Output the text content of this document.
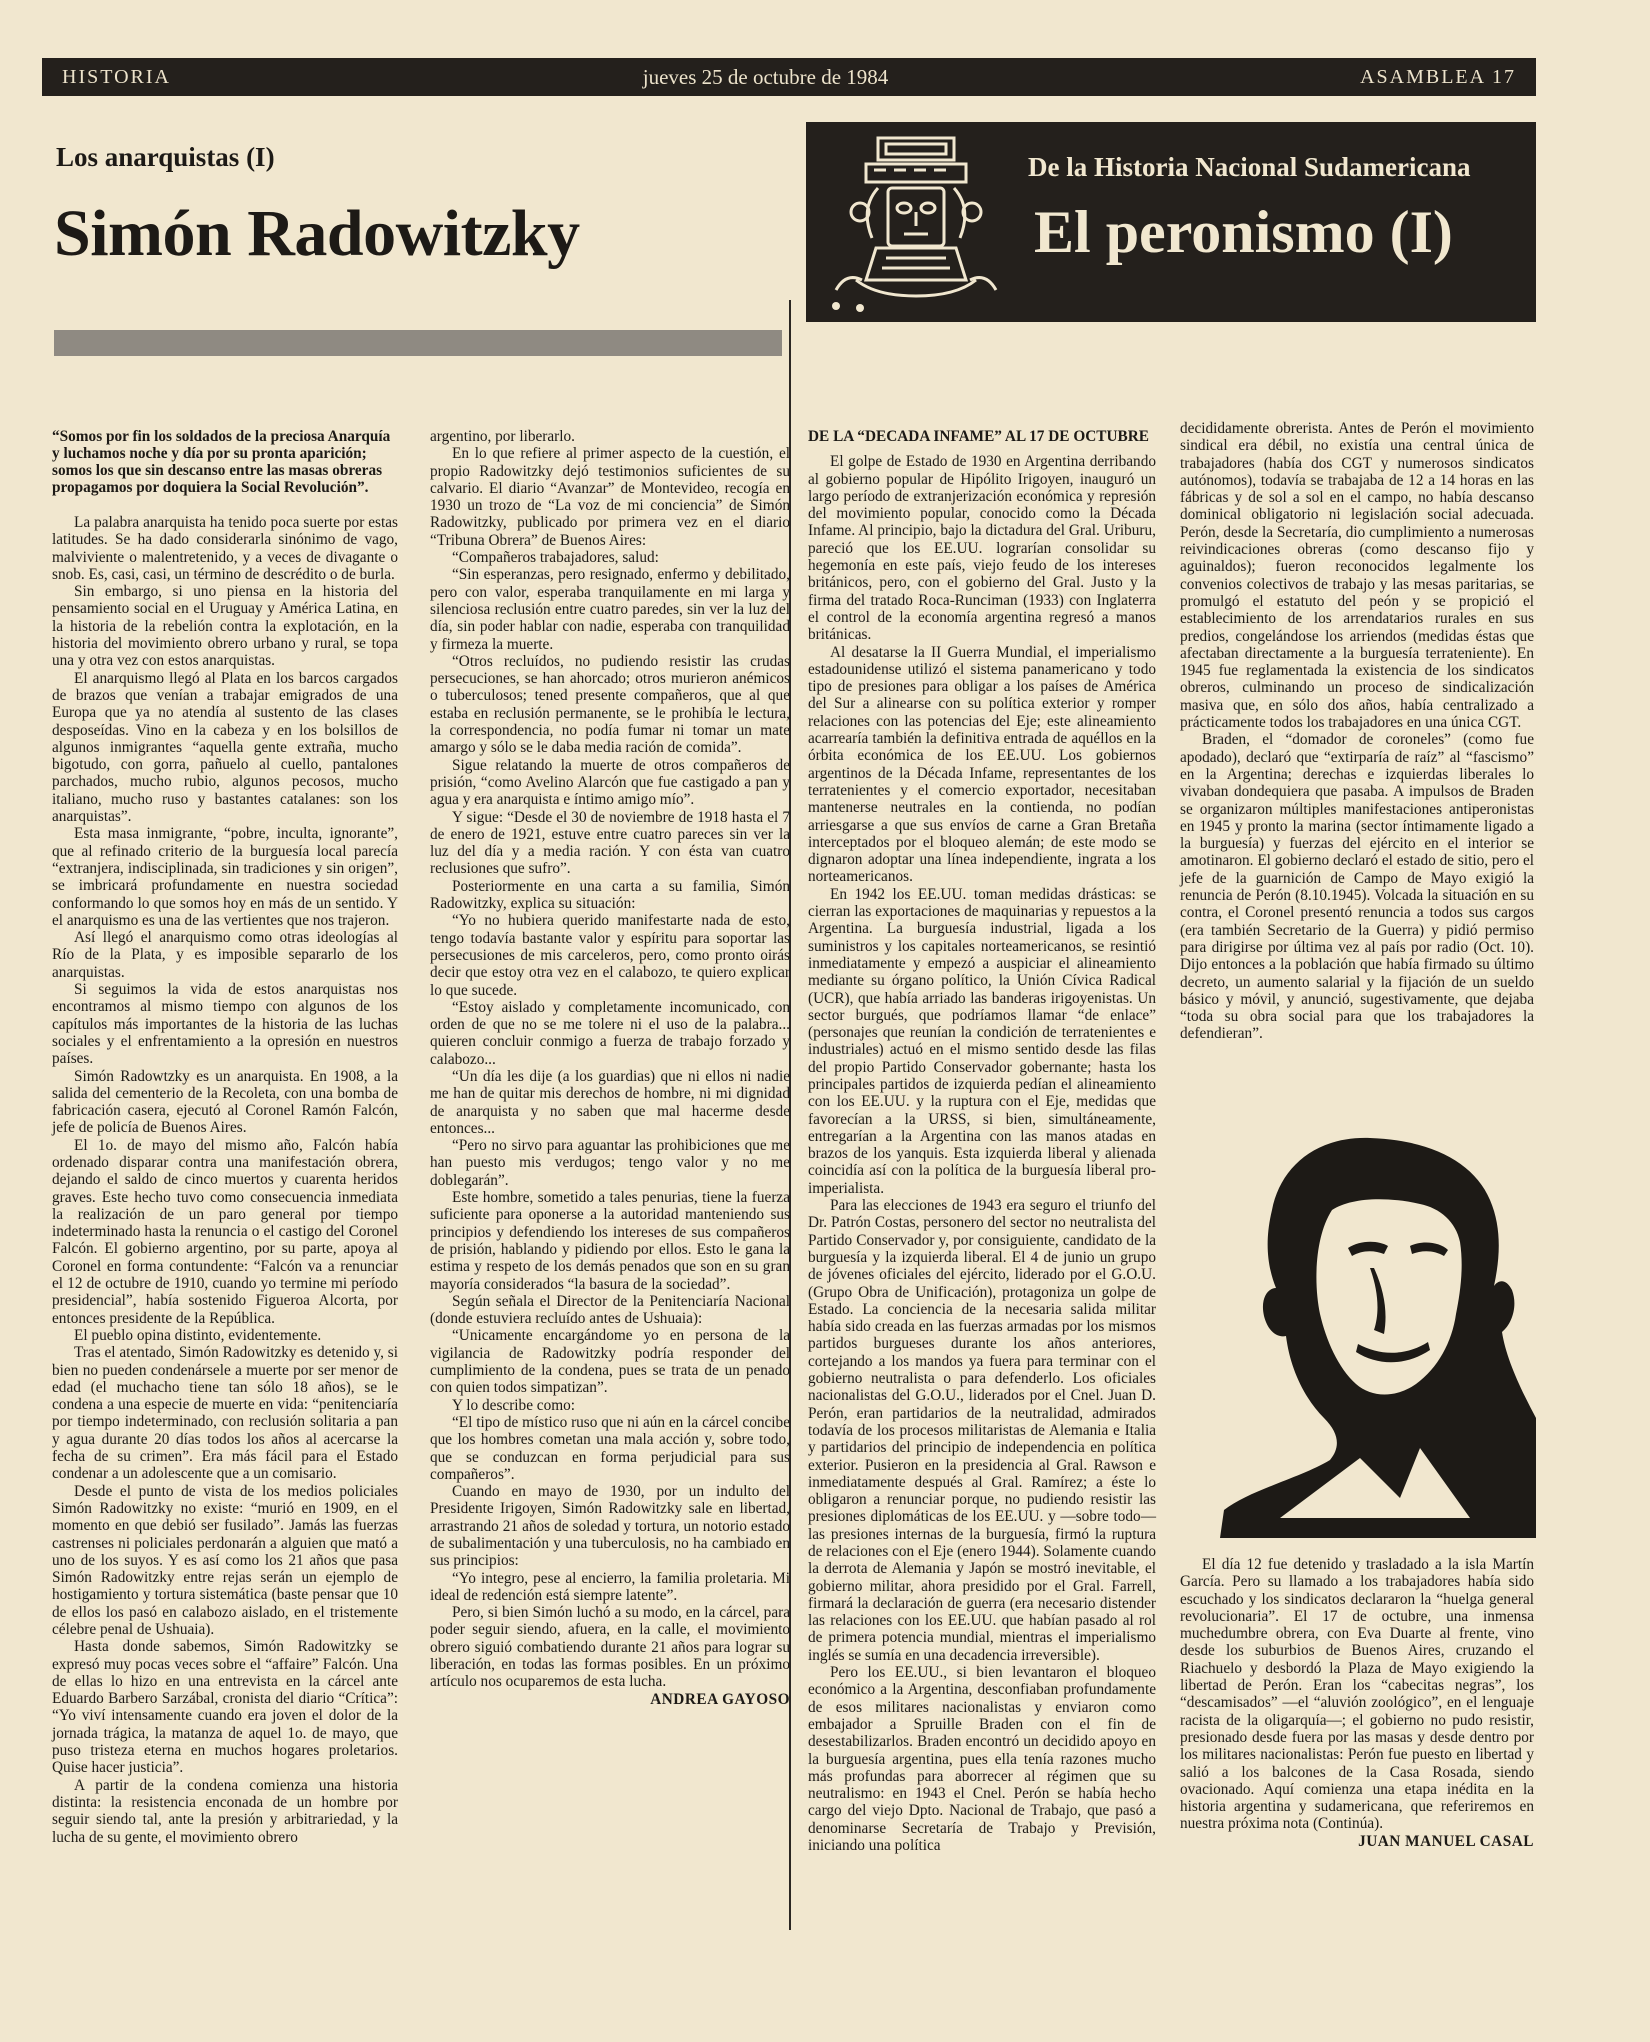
HISTORIA	jueves 25 de octubre de 1984	ASAMBLEA 17
Los anarquistas (I)
Simón Radowitzky
De la Historia Nacional Sudamericana
El peronismo (I)

“Somos por fin los soldados de la preciosa Anarquía y luchamos noche y día por su pronta aparición; somos los que sin descanso entre las masas obreras propagamos por doquiera la Social Revolución”.

La palabra anarquista ha tenido poca suerte por estas latitudes. Se ha dado considerarla sinónimo de vago, malviviente o malentretenido, y a veces de divagante o snob. Es, casi, casi, un término de descrédito o de burla.

Sin embargo, si uno piensa en la historia del pensamiento social en el Uruguay y América Latina, en la historia de la rebelión contra la explotación, en la historia del movimiento obrero urbano y rural, se topa una y otra vez con estos anarquistas.

El anarquismo llegó al Plata en los barcos cargados de brazos que venían a trabajar emigrados de una Europa que ya no atendía al sustento de las clases desposeídas. Vino en la cabeza y en los bolsillos de algunos inmigrantes “aquella gente extraña, mucho bigotudo, con gorra, pañuelo al cuello, pantalones parchados, mucho rubio, algunos pecosos, mucho italiano, mucho ruso y bastantes catalanes: son los anarquistas”.

Esta masa inmigrante, “pobre, inculta, ignorante”, que al refinado criterio de la burguesía local parecía “extranjera, indisciplinada, sin tradiciones y sin origen”, se imbricará profundamente en nuestra sociedad conformando lo que somos hoy en más de un sentido. Y el anarquismo es una de las vertientes que nos trajeron.

Así llegó el anarquismo como otras ideologías al Río de la Plata, y es imposible separarlo de los anarquistas.

Si seguimos la vida de estos anarquistas nos encontramos al mismo tiempo con algunos de los capítulos más importantes de la historia de las luchas sociales y el enfrentamiento a la opresión en nuestros países.

Simón Radowtzky es un anarquista. En 1908, a la salida del cementerio de la Recoleta, con una bomba de fabricación casera, ejecutó al Coronel Ramón Falcón, jefe de policía de Buenos Aires.

El 1o. de mayo del mismo año, Falcón había ordenado disparar contra una manifestación obrera, dejando el saldo de cinco muertos y cuarenta heridos graves. Este hecho tuvo como consecuencia inmediata la realización de un paro general por tiempo indeterminado hasta la renuncia o el castigo del Coronel Falcón. El gobierno argentino, por su parte, apoya al Coronel en forma contundente: “Falcón va a renunciar el 12 de octubre de 1910, cuando yo termine mi período presidencial”, había sostenido Figueroa Alcorta, por entonces presidente de la República.

El pueblo opina distinto, evidentemente.

Tras el atentado, Simón Radowitzky es detenido y, si bien no pueden condenársele a muerte por ser menor de edad (el muchacho tiene tan sólo 18 años), se le condena a una especie de muerte en vida: “penitenciaría por tiempo indeterminado, con reclusión solitaria a pan y agua durante 20 días todos los años al acercarse la fecha de su crimen”. Era más fácil para el Estado condenar a un adolescente que a un comisario.

Desde el punto de vista de los medios policiales Simón Radowitzky no existe: “murió en 1909, en el momento en que debió ser fusilado”. Jamás las fuerzas castrenses ni policiales perdonarán a alguien que mató a uno de los suyos. Y es así como los 21 años que pasa Simón Radowitzky entre rejas serán un ejemplo de hostigamiento y tortura sistemática (baste pensar que 10 de ellos los pasó en calabozo aislado, en el tristemente célebre penal de Ushuaia).

Hasta donde sabemos, Simón Radowitzky se expresó muy pocas veces sobre el “affaire” Falcón. Una de ellas lo hizo en una entrevista en la cárcel ante Eduardo Barbero Sarzábal, cronista del diario “Crítica”: “Yo viví intensamente cuando era joven el dolor de la jornada trágica, la matanza de aquel 1o. de mayo, que puso tristeza eterna en muchos hogares proletarios. Quise hacer justicia”.

A partir de la condena comienza una historia distinta: la resistencia enconada de un hombre por seguir siendo tal, ante la presión y arbitrariedad, y la lucha de su gente, el movimiento obrero

argentino, por liberarlo.

En lo que refiere al primer aspecto de la cuestión, el propio Radowitzky dejó testimonios suficientes de su calvario. El diario “Avanzar” de Montevideo, recogía en 1930 un trozo de “La voz de mi conciencia” de Simón Radowitzky, publicado por primera vez en el diario “Tribuna Obrera” de Buenos Aires:

“Compañeros trabajadores, salud:

“Sin esperanzas, pero resignado, enfermo y debilitado, pero con valor, esperaba tranquilamente en mi larga y silenciosa reclusión entre cuatro paredes, sin ver la luz del día, sin poder hablar con nadie, esperaba con tranquilidad y firmeza la muerte.

“Otros recluídos, no pudiendo resistir las crudas persecuciones, se han ahorcado; otros murieron anémicos o tuberculosos; tened presente compañeros, que al que estaba en reclusión permanente, se le prohibía le lectura, la correspondencia, no podía fumar ni tomar un mate amargo y sólo se le daba media ración de comida”.

Sigue relatando la muerte de otros compañeros de prisión, “como Avelino Alarcón que fue castigado a pan y agua y era anarquista e íntimo amigo mío”.

Y sigue: “Desde el 30 de noviembre de 1918 hasta el 7 de enero de 1921, estuve entre cuatro pareces sin ver la luz del día y a media ración. Y con ésta van cuatro reclusiones que sufro”.

Posteriormente en una carta a su familia, Simón Radowitzky, explica su situación:

“Yo no hubiera querido manifestarte nada de esto, tengo todavía bastante valor y espíritu para soportar las persecusiones de mis carceleros, pero, como pronto oirás decir que estoy otra vez en el calabozo, te quiero explicar lo que sucede.

“Estoy aislado y completamente incomunicado, con orden de que no se me tolere ni el uso de la palabra... quieren concluir conmigo a fuerza de trabajo forzado y calabozo...

“Un día les dije (a los guardias) que ni ellos ni nadie me han de quitar mis derechos de hombre, ni mi dignidad de anarquista y no saben que mal hacerme desde entonces...

“Pero no sirvo para aguantar las prohibiciones que me han puesto mis verdugos; tengo valor y no me doblegarán”.

Este hombre, sometido a tales penurias, tiene la fuerza suficiente para oponerse a la autoridad manteniendo sus principios y defendiendo los intereses de sus compañeros de prisión, hablando y pidiendo por ellos. Esto le gana la estima y respeto de los demás penados que son en su gran mayoría considerados “la basura de la sociedad”.

Según señala el Director de la Penitenciaría Nacional (donde estuviera recluído antes de Ushuaia):

“Unicamente encargándome yo en persona de la vigilancia de Radowitzky podría responder del cumplimiento de la condena, pues se trata de un penado con quien todos simpatizan”.

Y lo describe como:

“El tipo de místico ruso que ni aún en la cárcel concibe que los hombres cometan una mala acción y, sobre todo, que se conduzcan en forma perjudicial para sus compañeros”.

Cuando en mayo de 1930, por un indulto del Presidente Irigoyen, Simón Radowitzky sale en libertad, arrastrando 21 años de soledad y tortura, un notorio estado de subalimentación y una tuberculosis, no ha cambiado en sus principios:

“Yo integro, pese al encierro, la familia proletaria. Mi ideal de redención está siempre latente”.

Pero, si bien Simón luchó a su modo, en la cárcel, para poder seguir siendo, afuera, en la calle, el movimiento obrero siguió combatiendo durante 21 años para lograr su liberación, en todas las formas posibles. En un próximo artículo nos ocuparemos de esta lucha.

ANDREA GAYOSO

DE LA “DECADA INFAME” AL 17 DE OCTUBRE

El golpe de Estado de 1930 en Argentina derribando al gobierno popular de Hipólito Irigoyen, inauguró un largo período de extranjerización económica y represión del movimiento popular, conocido como la Década Infame. Al principio, bajo la dictadura del Gral. Uriburu, pareció que los EE.UU. lograrían consolidar su hegemonía en este país, viejo feudo de los intereses británicos, pero, con el gobierno del Gral. Justo y la firma del tratado Roca-Runciman (1933) con Inglaterra el control de la economía argentina regresó a manos británicas.

Al desatarse la II Guerra Mundial, el imperialismo estadounidense utilizó el sistema panamericano y todo tipo de presiones para obligar a los países de América del Sur a alinearse con su política exterior y romper relaciones con las potencias del Eje; este alineamiento acarrearía también la definitiva entrada de aquéllos en la órbita económica de los EE.UU. Los gobiernos argentinos de la Década Infame, representantes de los terratenientes y el comercio exportador, necesitaban mantenerse neutrales en la contienda, no podían arriesgarse a que sus envíos de carne a Gran Bretaña interceptados por el bloqueo alemán; de este modo se dignaron adoptar una línea independiente, ingrata a los norteamericanos.

En 1942 los EE.UU. toman medidas drásticas: se cierran las exportaciones de maquinarias y repuestos a la Argentina. La burguesía industrial, ligada a los suministros y los capitales norteamericanos, se resintió inmediatamente y empezó a auspiciar el alineamiento mediante su órgano político, la Unión Cívica Radical (UCR), que había arriado las banderas irigoyenistas. Un sector burgués, que podríamos llamar “de enlace” (personajes que reunían la condición de terratenientes e industriales) actuó en el mismo sentido desde las filas del propio Partido Conservador gobernante; hasta los principales partidos de izquierda pedían el alineamiento con los EE.UU. y la ruptura con el Eje, medidas que favorecían a la URSS, si bien, simultáneamente, entregarían a la Argentina con las manos atadas en brazos de los yanquis. Esta izquierda liberal y alienada coincidía así con la política de la burguesía liberal pro-imperialista.

Para las elecciones de 1943 era seguro el triunfo del Dr. Patrón Costas, personero del sector no neutralista del Partido Conservador y, por consiguiente, candidato de la burguesía y la izquierda liberal. El 4 de junio un grupo de jóvenes oficiales del ejército, liderado por el G.O.U. (Grupo Obra de Unificación), protagoniza un golpe de Estado. La conciencia de la necesaria salida militar había sido creada en las fuerzas armadas por los mismos partidos burgueses durante los años anteriores, cortejando a los mandos ya fuera para terminar con el gobierno neutralista o para defenderlo. Los oficiales nacionalistas del G.O.U., liderados por el Cnel. Juan D. Perón, eran partidarios de la neutralidad, admirados todavía de los procesos militaristas de Alemania e Italia y partidarios del principio de independencia en política exterior. Pusieron en la presidencia al Gral. Rawson e inmediatamente después al Gral. Ramírez; a éste lo obligaron a renunciar porque, no pudiendo resistir las presiones diplomáticas de los EE.UU. y —sobre todo— las presiones internas de la burguesía, firmó la ruptura de relaciones con el Eje (enero 1944). Solamente cuando la derrota de Alemania y Japón se mostró inevitable, el gobierno militar, ahora presidido por el Gral. Farrell, firmará la declaración de guerra (era necesario distender las relaciones con los EE.UU. que habían pasado al rol de primera potencia mundial, mientras el imperialismo inglés se sumía en una decadencia irreversible).

Pero los EE.UU., si bien levantaron el bloqueo económico a la Argentina, desconfiaban profundamente de esos militares nacionalistas y enviaron como embajador a Spruille Braden con el fin de desestabilizarlos. Braden encontró un decidido apoyo en la burguesía argentina, pues ella tenía razones mucho más profundas para aborrecer al régimen que su neutralismo: en 1943 el Cnel. Perón se había hecho cargo del viejo Dpto. Nacional de Trabajo, que pasó a denominarse Secretaría de Trabajo y Previsión, iniciando una política

decididamente obrerista. Antes de Perón el movimiento sindical era débil, no existía una central única de trabajadores (había dos CGT y numerosos sindicatos autónomos), todavía se trabajaba de 12 a 14 horas en las fábricas y de sol a sol en el campo, no había descanso dominical obligatorio ni legislación social adecuada. Perón, desde la Secretaría, dio cumplimiento a numerosas reivindicaciones obreras (como descanso fijo y aguinaldos); fueron reconocidos legalmente los convenios colectivos de trabajo y las mesas paritarias, se promulgó el estatuto del peón y se propició el establecimiento de los arrendatarios rurales en sus predios, congelándose los arriendos (medidas éstas que afectaban directamente a la burguesía terrateniente). En 1945 fue reglamentada la existencia de los sindicatos obreros, culminando un proceso de sindicalización masiva que, en sólo dos años, había centralizado a prácticamente todos los trabajadores en una única CGT.

Braden, el “domador de coroneles” (como fue apodado), declaró que “extirparía de raíz” al “fascismo” en la Argentina; derechas e izquierdas liberales lo vivaban dondequiera que pasaba. A impulsos de Braden se organizaron múltiples manifestaciones antiperonistas en 1945 y pronto la marina (sector íntimamente ligado a la burguesía) y fuerzas del ejército en el interior se amotinaron. El gobierno declaró el estado de sitio, pero el jefe de la guarnición de Campo de Mayo exigió la renuncia de Perón (8.10.1945). Volcada la situación en su contra, el Coronel presentó renuncia a todos sus cargos (era también Secretario de la Guerra) y pidió permiso para dirigirse por última vez al país por radio (Oct. 10). Dijo entonces a la población que había firmado su último decreto, un aumento salarial y la fijación de un sueldo básico y móvil, y anunció, sugestivamente, que dejaba “toda su obra social para que los trabajadores la defendieran”.

El día 12 fue detenido y trasladado a la isla Martín García. Pero su llamado a los trabajadores había sido escuchado y los sindicatos declararon la “huelga general revolucionaria”. El 17 de octubre, una inmensa muchedumbre obrera, con Eva Duarte al frente, vino desde los suburbios de Buenos Aires, cruzando el Riachuelo y desbordó la Plaza de Mayo exigiendo la libertad de Perón. Eran los “cabecitas negras”, los “descamisados” —el “aluvión zoológico”, en el lenguaje racista de la oligarquía—; el gobierno no pudo resistir, presionado desde fuera por las masas y desde dentro por los militares nacionalistas: Perón fue puesto en libertad y salió a los balcones de la Casa Rosada, siendo ovacionado. Aquí comienza una etapa inédita en la historia argentina y sudamericana, que referiremos en nuestra próxima nota (Continúa).

JUAN MANUEL CASAL
